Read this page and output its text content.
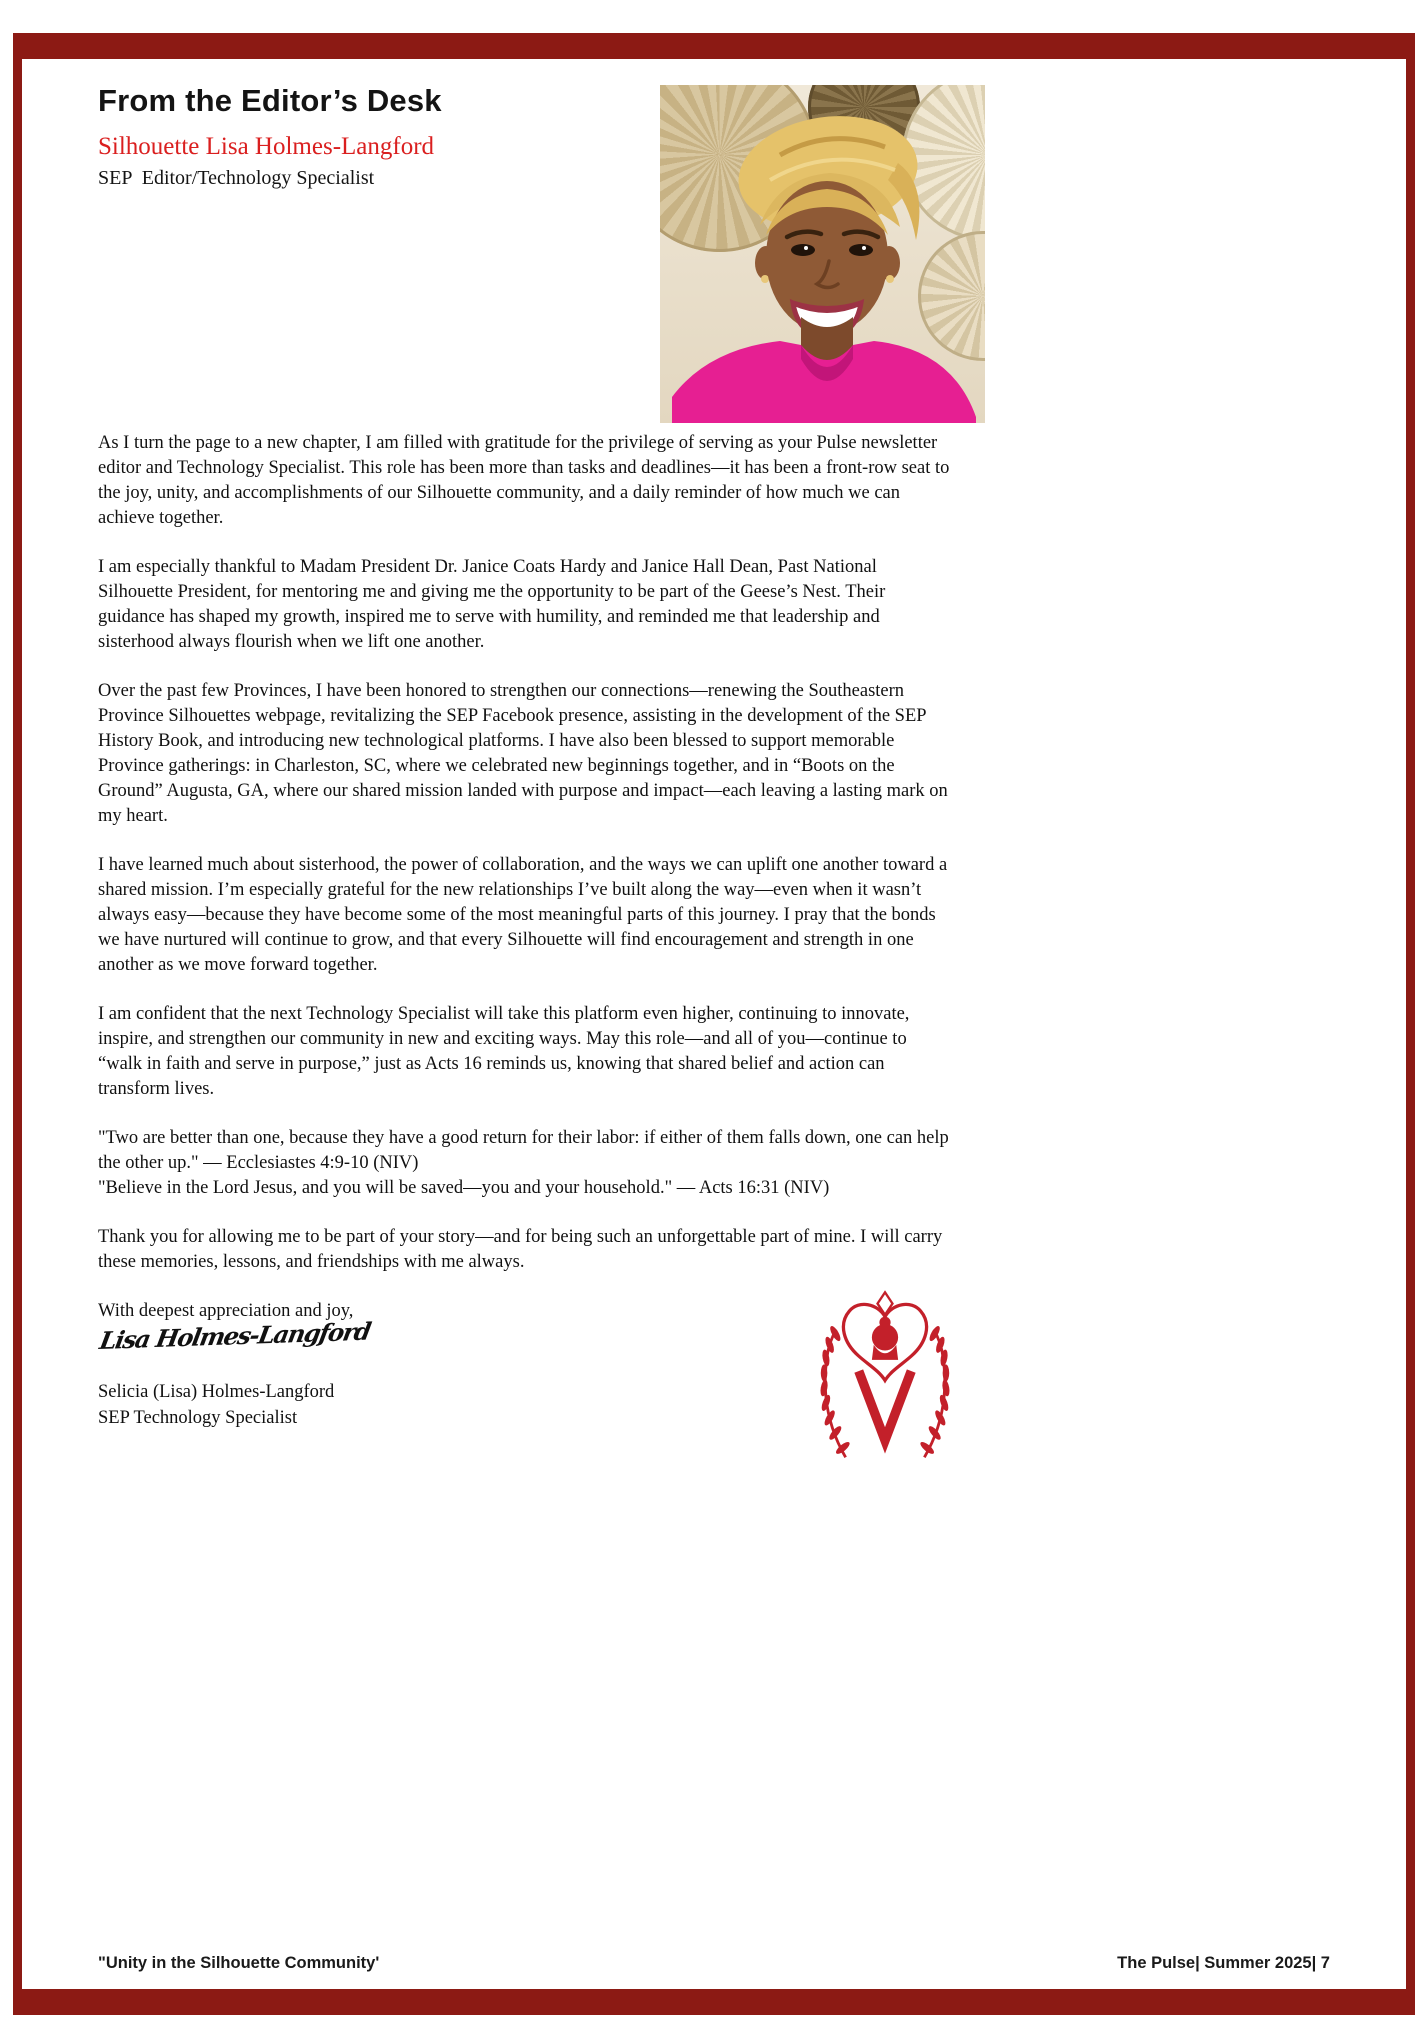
From the Editor’s Desk
Silhouette Lisa Holmes-Langford
SEP  Editor/Technology Specialist

As I turn the page to a new chapter, I am filled with gratitude for the privilege of serving as your Pulse newsletter editor and Technology Specialist. This role has been more than tasks and deadlines—it has been a front-row seat to the joy, unity, and accomplishments of our Silhouette community, and a daily reminder of how much we can achieve together.

I am especially thankful to Madam President Dr. Janice Coats Hardy and Janice Hall Dean, Past National Silhouette President, for mentoring me and giving me the opportunity to be part of the Geese’s Nest. Their guidance has shaped my growth, inspired me to serve with humility, and reminded me that leadership and sisterhood always flourish when we lift one another.

Over the past few Provinces, I have been honored to strengthen our connections—renewing the Southeastern Province Silhouettes webpage, revitalizing the SEP Facebook presence, assisting in the development of the SEP History Book, and introducing new technological platforms. I have also been blessed to support memorable Province gatherings: in Charleston, SC, where we celebrated new beginnings together, and in “Boots on the Ground” Augusta, GA, where our shared mission landed with purpose and impact—each leaving a lasting mark on my heart.

I have learned much about sisterhood, the power of collaboration, and the ways we can uplift one another toward a shared mission. I’m especially grateful for the new relationships I’ve built along the way—even when it wasn’t always easy—because they have become some of the most meaningful parts of this journey. I pray that the bonds we have nurtured will continue to grow, and that every Silhouette will find encouragement and strength in one another as we move forward together.

I am confident that the next Technology Specialist will take this platform even higher, continuing to innovate, inspire, and strengthen our community in new and exciting ways. May this role—and all of you—continue to “walk in faith and serve in purpose,” just as Acts 16 reminds us, knowing that shared belief and action can transform lives.

"Two are better than one, because they have a good return for their labor: if either of them falls down, one can help the other up." — Ecclesiastes 4:9-10 (NIV)

"Believe in the Lord Jesus, and you will be saved—you and your household." — Acts 16:31 (NIV)

Thank you for allowing me to be part of your story—and for being such an unforgettable part of mine. I will carry these memories, lessons, and friendships with me always.

With deepest appreciation and joy,

Lisa Holmes-Langford
Selicia (Lisa) Holmes-Langford
SEP Technology Specialist
"Unity in the Silhouette Community'	The Pulse| Summer 2025| 7
